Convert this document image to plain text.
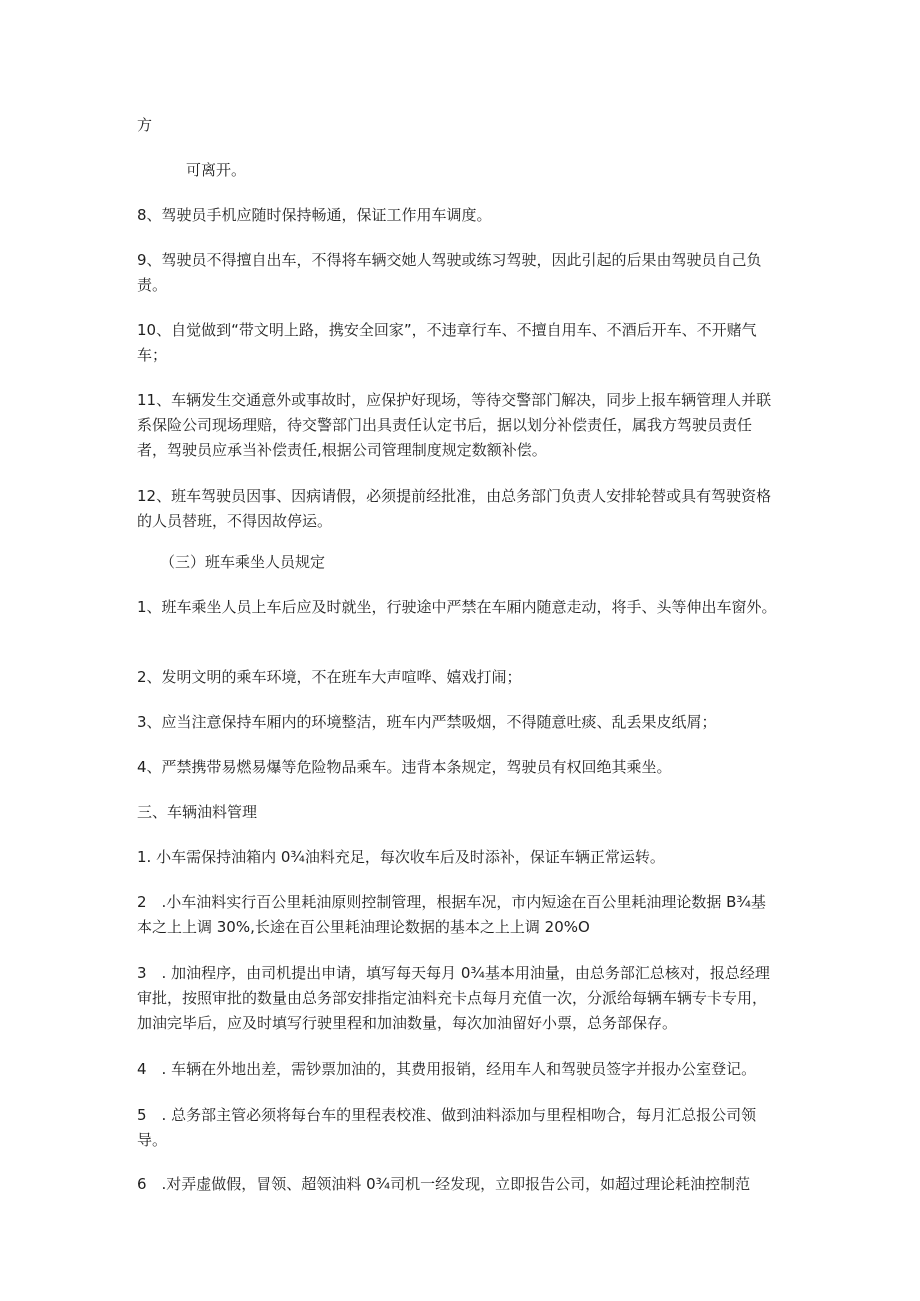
方

可离开。

8、驾驶员手机应随时保持畅通，保证工作用车调度。

9、驾驶员不得擅自出车，不得将车辆交她人驾驶或练习驾驶，因此引起的后果由驾驶员自己负责。

10、自觉做到“带文明上路，携安全回家”，不违章行车、不擅自用车、不酒后开车、不开赌气车；

11、车辆发生交通意外或事故时，应保护好现场，等待交警部门解决，同步上报车辆管理人并联系保险公司现场理赔，待交警部门出具责任认定书后，据以划分补偿责任，属我方驾驶员责任者，驾驶员应承当补偿责任,根据公司管理制度规定数额补偿。

12、班车驾驶员因事、因病请假，必须提前经批准，由总务部门负责人安排轮替或具有驾驶资格的人员替班，不得因故停运。

（三）班车乘坐人员规定

1、班车乘坐人员上车后应及时就坐，行驶途中严禁在车厢内随意走动，将手、头等伸出车窗外。

2、发明文明的乘车环境，不在班车大声喧哗、嬉戏打闹；

3、应当注意保持车厢内的环境整洁，班车内严禁吸烟，不得随意吐痰、乱丢果皮纸屑；

4、严禁携带易燃易爆等危险物品乘车。违背本条规定，驾驶员有权回绝其乘坐。

三、车辆油料管理

1. 小车需保持油箱内 0¾油料充足，每次收车后及时添补，保证车辆正常运转。

2　.小车油料实行百公里耗油原则控制管理，根据车况，市内短途在百公里耗油理论数据 B¾基本之上上调 30%,长途在百公里耗油理论数据的基本之上上调 20%O

3　. 加油程序，由司机提出申请，填写每天每月 0¾基本用油量，由总务部汇总核对，报总经理审批，按照审批的数量由总务部安排指定油料充卡点每月充值一次，分派给每辆车辆专卡专用，加油完毕后，应及时填写行驶里程和加油数量，每次加油留好小票，总务部保存。

4　. 车辆在外地出差，需钞票加油的，其费用报销，经用车人和驾驶员签字并报办公室登记。

5　. 总务部主管必须将每台车的里程表校准、做到油料添加与里程相吻合，每月汇总报公司领导。

6　.对弄虚做假，冒领、超领油料 0¾司机一经发现，立即报告公司，如超过理论耗油控制范
